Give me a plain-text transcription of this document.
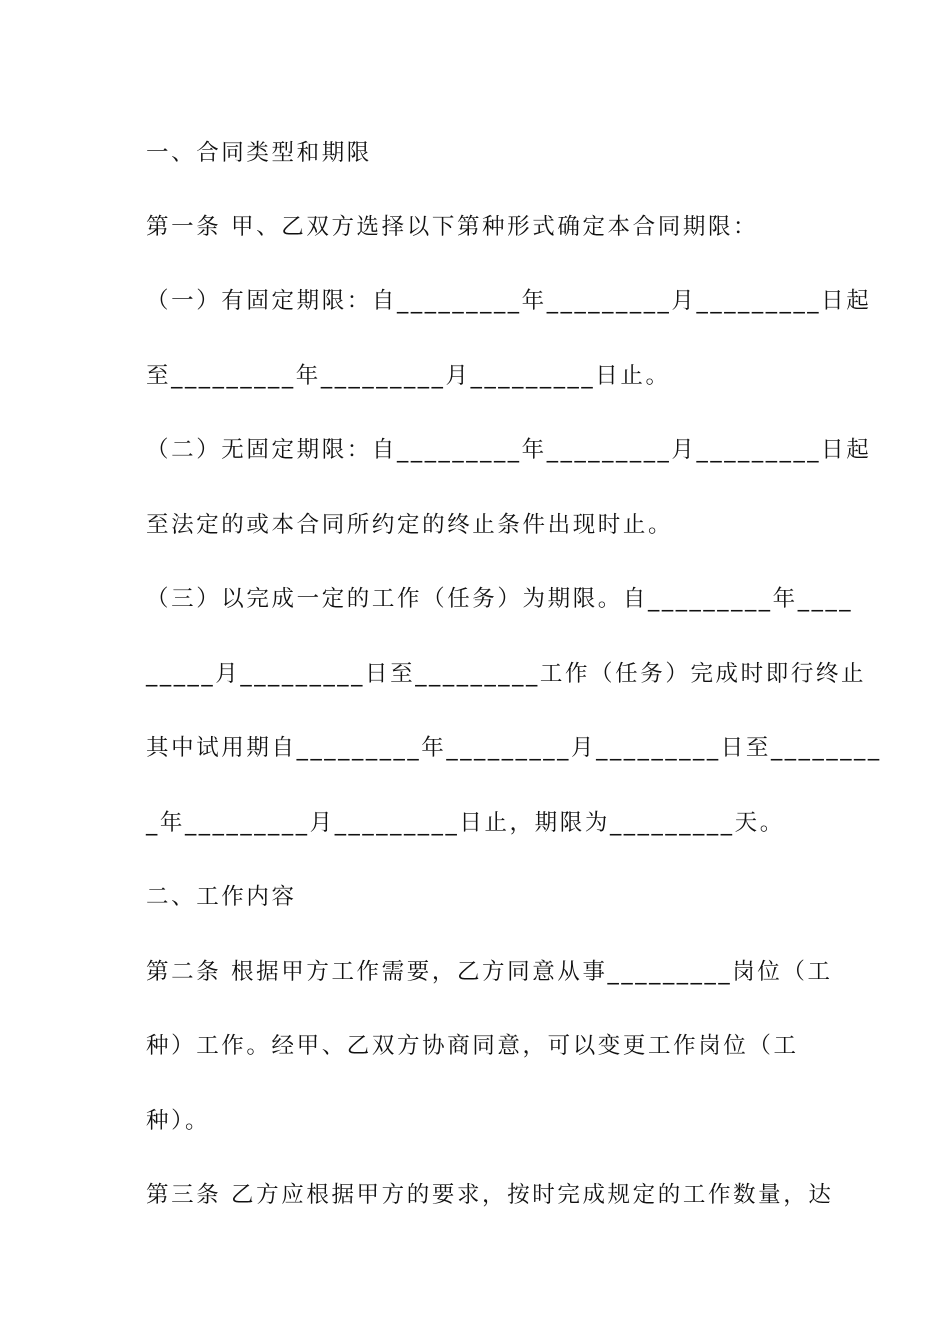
一、合同类型和期限
第一条 甲、乙双方选择以下第种形式确定本合同期限：
（一）有固定期限：自_________年_________月_________日起
至_________年_________月_________日止。
（二）无固定期限：自_________年_________月_________日起
至法定的或本合同所约定的终止条件出现时止。
（三）以完成一定的工作（任务）为期限。自_________年____
_____月_________日至_________工作（任务）完成时即行终止
其中试用期自_________年_________月_________日至________
_年_________月_________日止，期限为_________天。
二、工作内容
第二条 根据甲方工作需要，乙方同意从事_________岗位（工
种）工作。经甲、乙双方协商同意，可以变更工作岗位（工
种）。
第三条 乙方应根据甲方的要求，按时完成规定的工作数量，达
